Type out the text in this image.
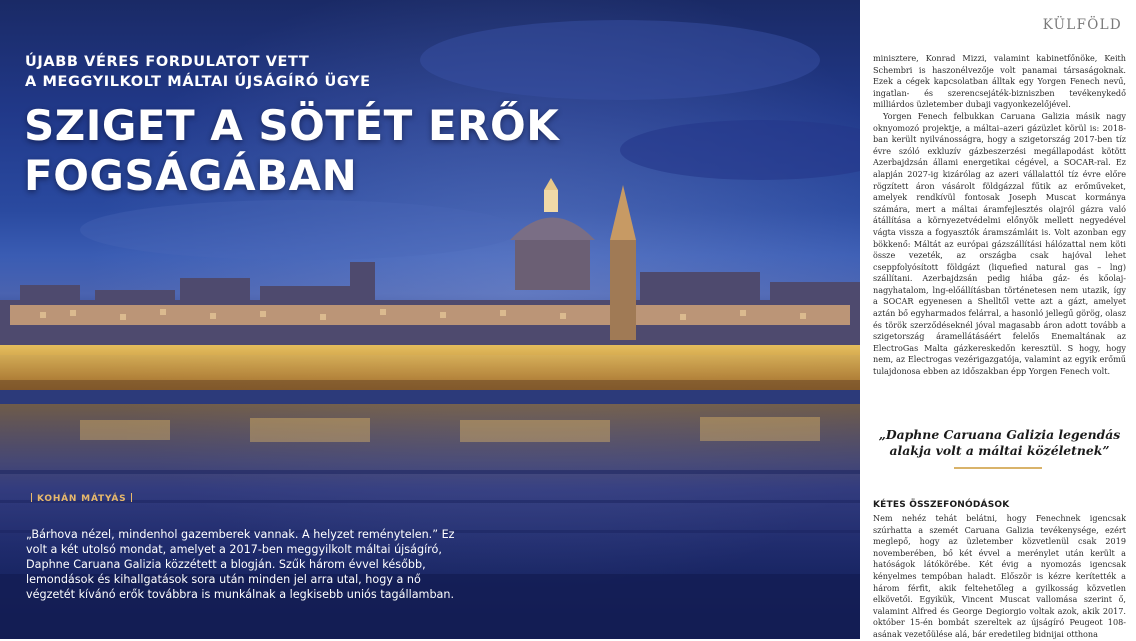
ÚJABB VÉRES FORDULATOT VETT
A MEGGYILKOLT MÁLTAI ÚJSÁGÍRÓ ÜGYE
SZIGET A SÖTÉT ERŐK
FOGSÁGÁBAN
KOHÁN MÁTYÁS
„Bárhova nézel, mindenhol gazemberek vannak. A helyzet reménytelen.” Ez volt a két utolsó mondat, amelyet a 2017-ben meggyilkolt máltai újságíró, Daphne Caruana Galizia közzétett a blogján. Szűk három évvel később, lemondások és kihallgatások sora után minden jel arra utal, hogy a nő végzetét kívánó erők továbbra is munkálnak a legkisebb uniós tagállamban.
KÜLFÖLD

minisztere, Konrad Mizzi, valamint kabinetfőnöke, Keith Schembri is haszonélvezője volt panamai társaságoknak. Ezek a cégek kapcsolatban álltak egy Yorgen Fenech nevű, ingatlan- és szerencsejáték-bizniszben tevékenykedő milliárdos üzletember dubaji vagyonkezelőjével.

Yorgen Fenech felbukkan Caruana Galizia másik nagy oknyomozó projektje, a máltai–azeri gázüzlet körül is: 2018-ban került nyilvánosságra, hogy a szigetország 2017-ben tíz évre szóló exkluzív gázbeszerzési megállapodást kötött Azerbajdzsán állami energetikai cégével, a SOCAR-ral. Ez alapján 2027-ig kizárólag az azeri vállalattól tíz évre előre rögzített áron vásárolt földgázzal fűtik az erőműveket, amelyek rendkívül fontosak Joseph Muscat kormánya számára, mert a máltai áramfejlesztés olajról gázra való átállítása a környezetvédelmi előnyök mellett negyedével vágta vissza a fogyasztók áramszámláit is. Volt azonban egy bökkenő: Máltát az európai gázszállítási hálózattal nem köti össze vezeték, az országba csak hajóval lehet cseppfolyósított földgázt (liquefied natural gas – lng) szállítani. Azerbajdzsán pedig hiába gáz- és kőolaj-nagyhatalom, lng-előállításban történetesen nem utazik, így a SOCAR egyenesen a Shelltől vette azt a gázt, amelyet aztán bő egyharmados felárral, a hasonló jellegű görög, olasz és török szerződéseknél jóval magasabb áron adott tovább a szigetország áramellátásáért felelős Enemaltának az ElectroGas Malta gázkereskedőn keresztül. S hogy, hogy nem, az Electrogas vezérigazgatója, valamint az egyik erőmű tulajdonosa ebben az időszakban épp Yorgen Fenech volt.

„Daphne Caruana Galizia legendás alakja volt a máltai közéletnek”
KÉTES ÖSSZEFONÓDÁSOK

Nem nehéz tehát belátni, hogy Fenechnek igencsak szúrhatta a szemét Caruana Galizia tevékenysége, ezért meglepő, hogy az üzletember közvetlenül csak 2019 novemberében, bő két évvel a merénylet után került a hatóságok látókörébe. Két évig a nyomozás igencsak kényelmes tempóban haladt. Először is kézre kerítették a három férfit, akik feltehetőleg a gyilkosság közvetlen elkövetői. Egyikük, Vincent Muscat vallomása szerint ő, valamint Alfred és George Degiorgio voltak azok, akik 2017. október 15-én bombát szereltek az újságíró Peugeot 108-asának vezetőülése alá, bár eredetileg bidnijai otthona
